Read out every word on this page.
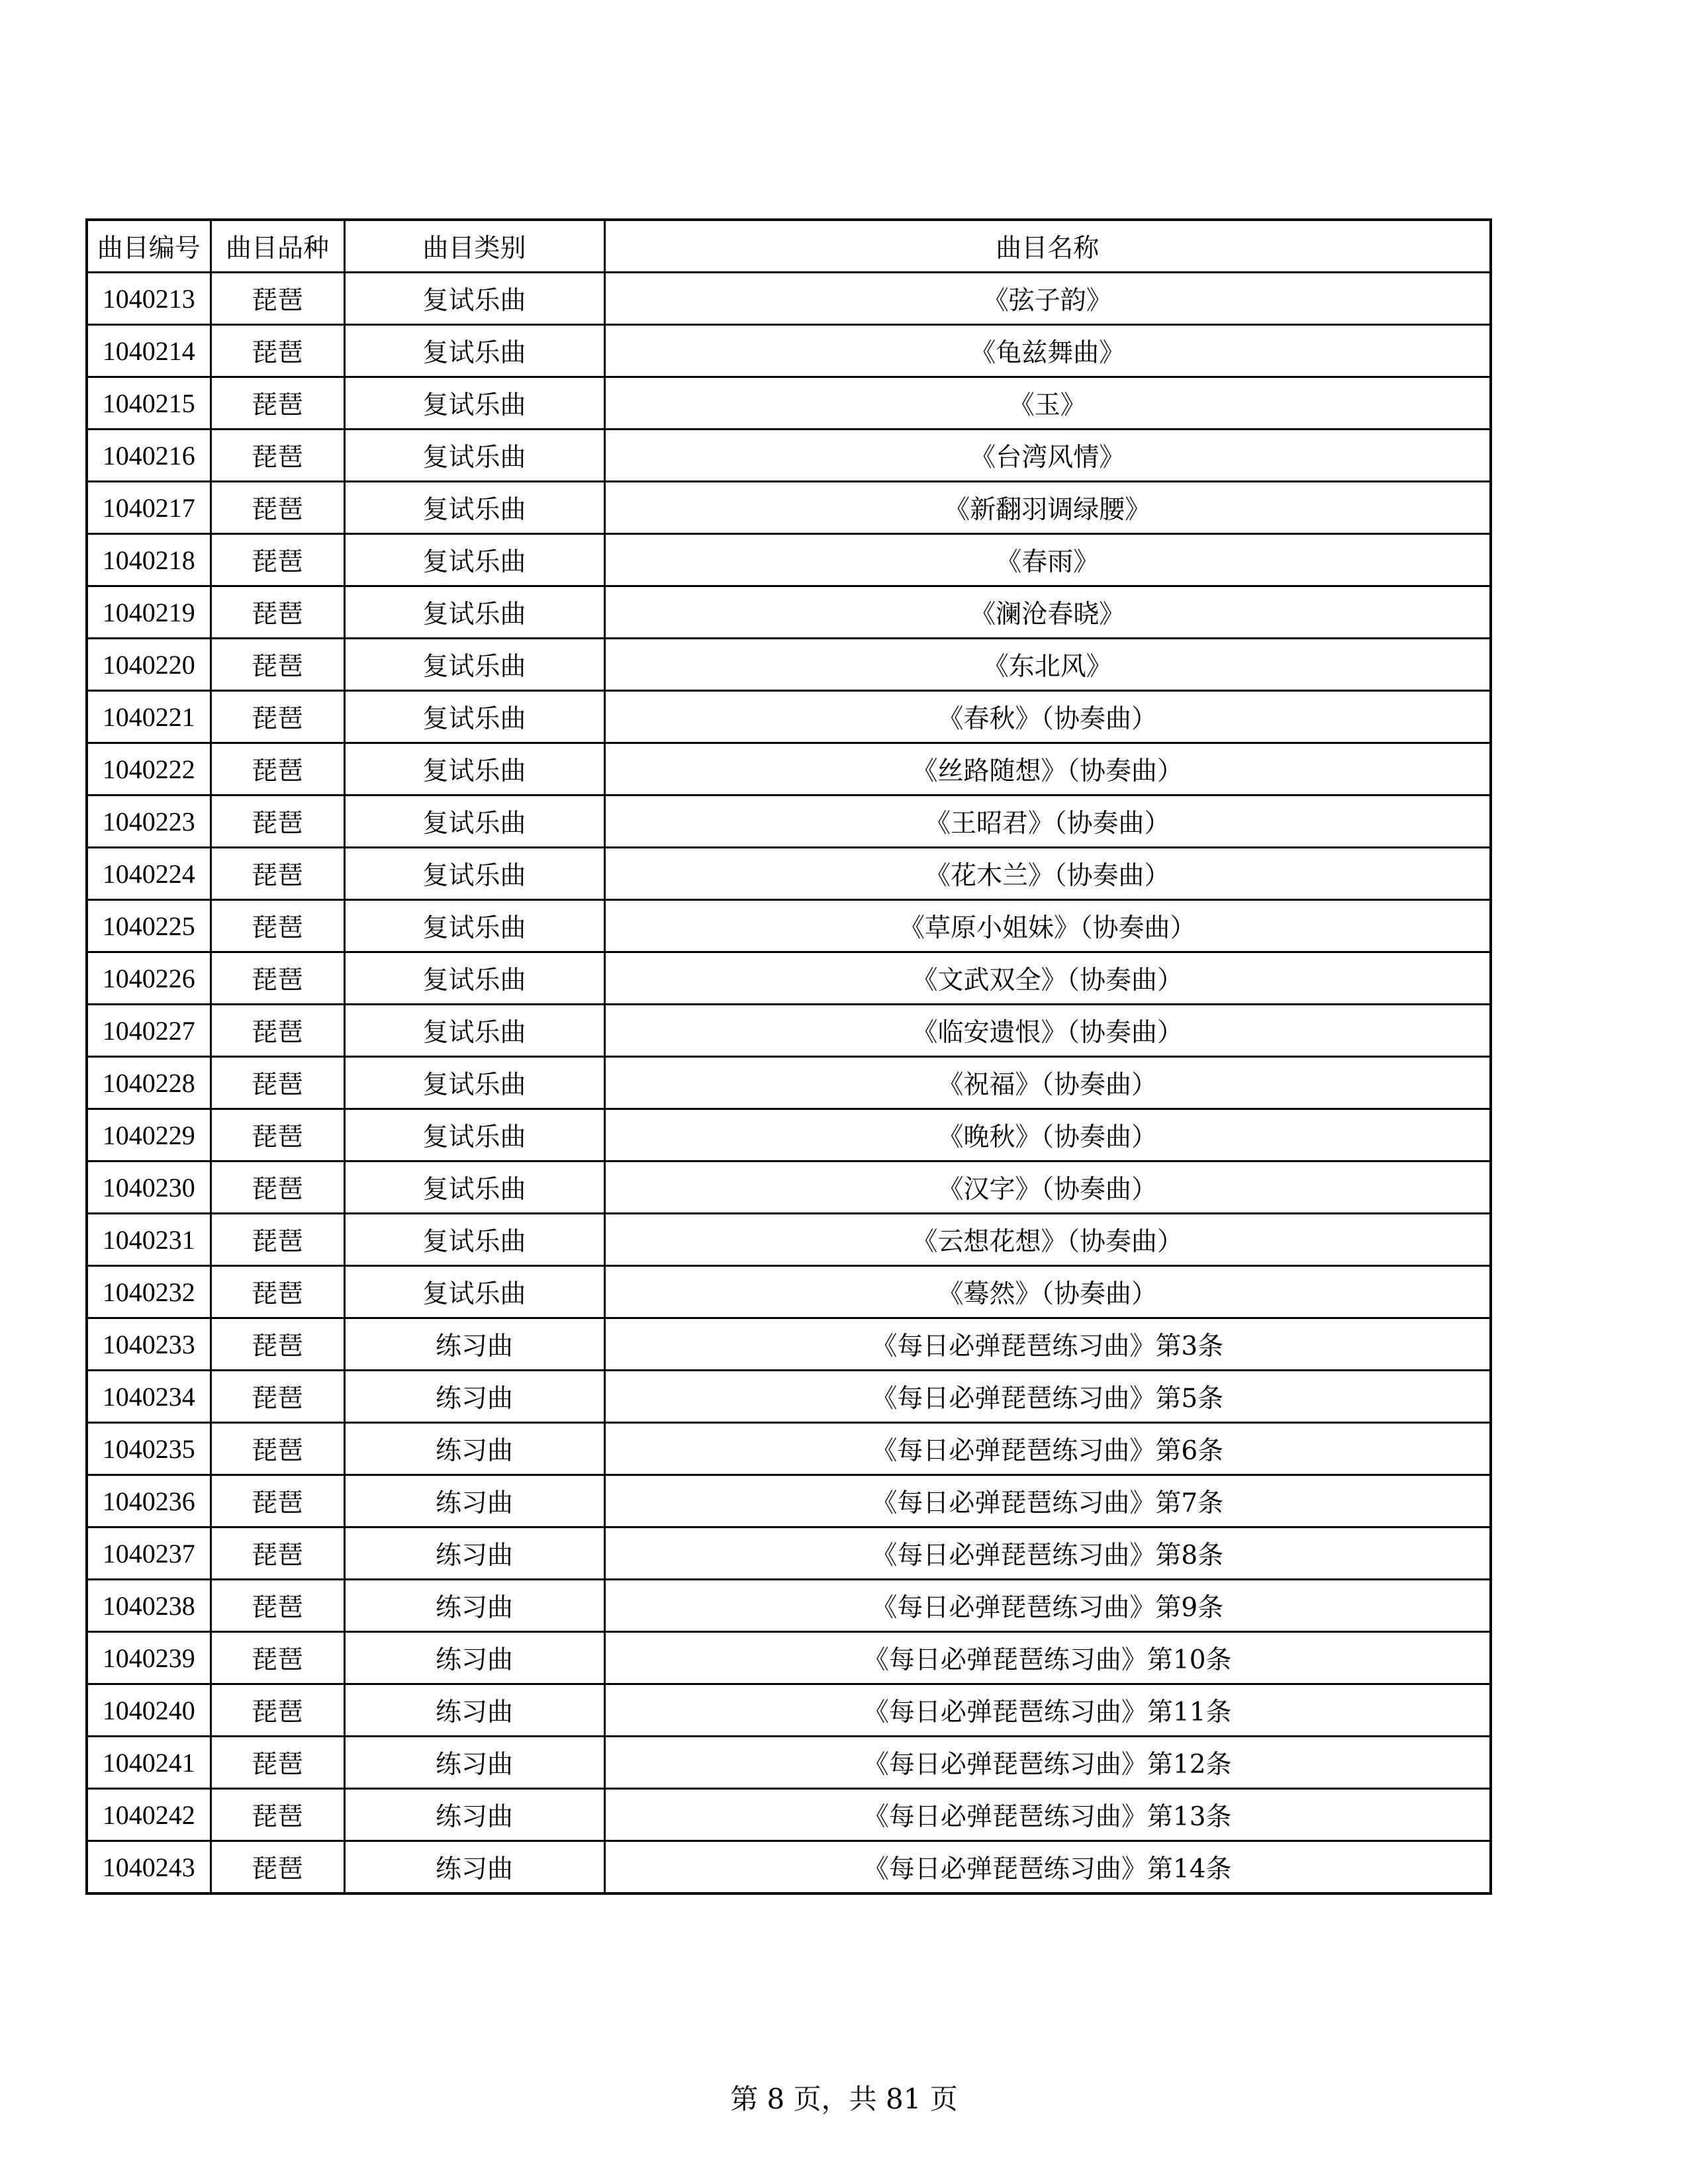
曲目编号	曲目品种	曲目类别	曲目名称
1040213	琵琶	复试乐曲	《弦子韵》
1040214	琵琶	复试乐曲	《龟兹舞曲》
1040215	琵琶	复试乐曲	《玉》
1040216	琵琶	复试乐曲	《台湾风情》
1040217	琵琶	复试乐曲	《新翻羽调绿腰》
1040218	琵琶	复试乐曲	《春雨》
1040219	琵琶	复试乐曲	《澜沧春晓》
1040220	琵琶	复试乐曲	《东北风》
1040221	琵琶	复试乐曲	《春秋》（协奏曲）
1040222	琵琶	复试乐曲	《丝路随想》（协奏曲）
1040223	琵琶	复试乐曲	《王昭君》（协奏曲）
1040224	琵琶	复试乐曲	《花木兰》（协奏曲）
1040225	琵琶	复试乐曲	《草原小姐妹》（协奏曲）
1040226	琵琶	复试乐曲	《文武双全》（协奏曲）
1040227	琵琶	复试乐曲	《临安遗恨》（协奏曲）
1040228	琵琶	复试乐曲	《祝福》（协奏曲）
1040229	琵琶	复试乐曲	《晚秋》（协奏曲）
1040230	琵琶	复试乐曲	《汉字》（协奏曲）
1040231	琵琶	复试乐曲	《云想花想》（协奏曲）
1040232	琵琶	复试乐曲	《蓦然》（协奏曲）
1040233	琵琶	练习曲	《每日必弹琵琶练习曲》第3条
1040234	琵琶	练习曲	《每日必弹琵琶练习曲》第5条
1040235	琵琶	练习曲	《每日必弹琵琶练习曲》第6条
1040236	琵琶	练习曲	《每日必弹琵琶练习曲》第7条
1040237	琵琶	练习曲	《每日必弹琵琶练习曲》第8条
1040238	琵琶	练习曲	《每日必弹琵琶练习曲》第9条
1040239	琵琶	练习曲	《每日必弹琵琶练习曲》第10条
1040240	琵琶	练习曲	《每日必弹琵琶练习曲》第11条
1040241	琵琶	练习曲	《每日必弹琵琶练习曲》第12条
1040242	琵琶	练习曲	《每日必弹琵琶练习曲》第13条
1040243	琵琶	练习曲	《每日必弹琵琶练习曲》第14条
第 8 页，共 81 页
